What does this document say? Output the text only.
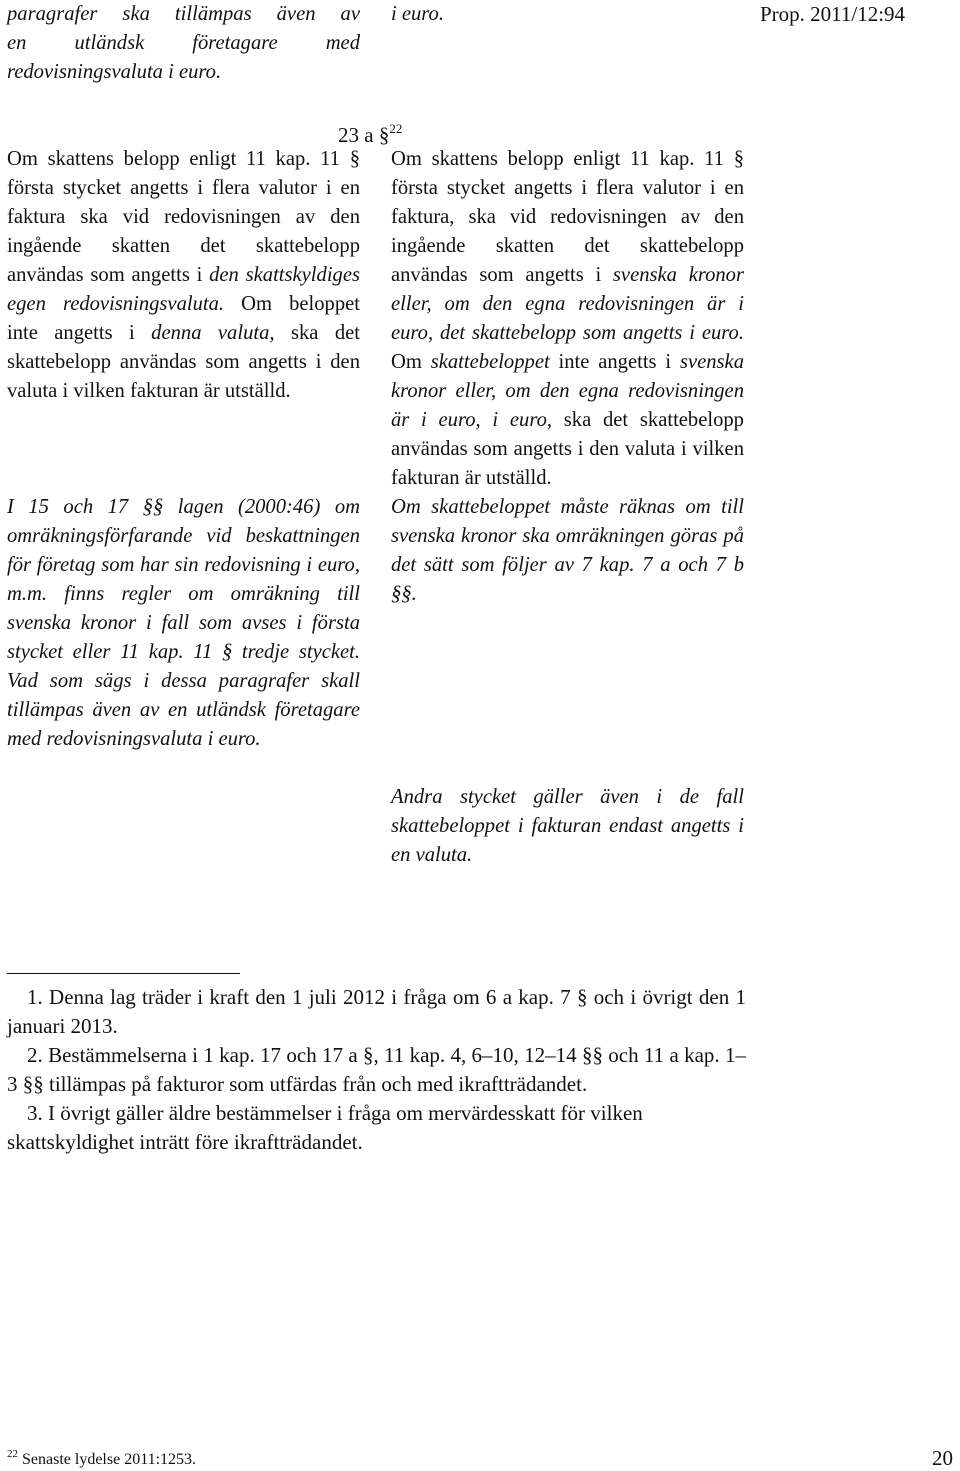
paragrafer ska tillämpas även av

en utländsk företagare med

redovisningsvaluta i euro.

i euro.	Prop. 2011/12:94
23 a §$^{22}$

Om skattens belopp enligt 11 kap. 11 § första stycket angetts i flera valutor i en faktura ska vid redovisningen av den ingående skatten det skattebelopp användas som angetts i den skattskyldiges egen redovisningsvaluta. Om beloppet inte angetts i denna valuta, ska det skattebelopp användas som angetts i den valuta i vilken fakturan är utställd.

I 15 och 17 §§ lagen (2000:46) om omräkningsförfarande vid beskattningen för företag som har sin redovisning i euro, m.m. finns regler om omräkning till svenska kronor i fall som avses i första stycket eller 11 kap. 11 § tredje stycket. Vad som sägs i dessa paragrafer skall tillämpas även av en utländsk företagare med redovisningsvaluta i euro.

Om skattens belopp enligt 11 kap. 11 § första stycket angetts i flera valutor i en faktura, ska vid redovisningen av den ingående skatten det skattebelopp användas som angetts i svenska kronor eller, om den egna redovisningen är i euro, det skattebelopp som angetts i euro. Om skattebeloppet inte angetts i svenska kronor eller, om den egna redovisningen är i euro, i euro, ska det skattebelopp användas som angetts i den valuta i vilken fakturan är utställd.

Om skattebeloppet måste räknas om till svenska kronor ska omräkningen göras på det sätt som följer av 7 kap. 7 a och 7 b §§.

Andra stycket gäller även i de fall skattebeloppet i fakturan endast angetts i en valuta.

1. Denna lag träder i kraft den 1 juli 2012 i fråga om 6 a kap. 7 § och i övrigt den 1 januari 2013.

2. Bestämmelserna i 1 kap. 17 och 17 a §, 11 kap. 4, 6–10, 12–14 §§ och 11 a kap. 1–3 §§ tillämpas på fakturor som utfärdas från och med ikraftträdandet.

3. I övrigt gäller äldre bestämmelser i fråga om mervärdesskatt för vilken skattskyldighet inträtt före ikraftträdandet.

$^{22}$ Senaste lydelse 2011:1253.	20
